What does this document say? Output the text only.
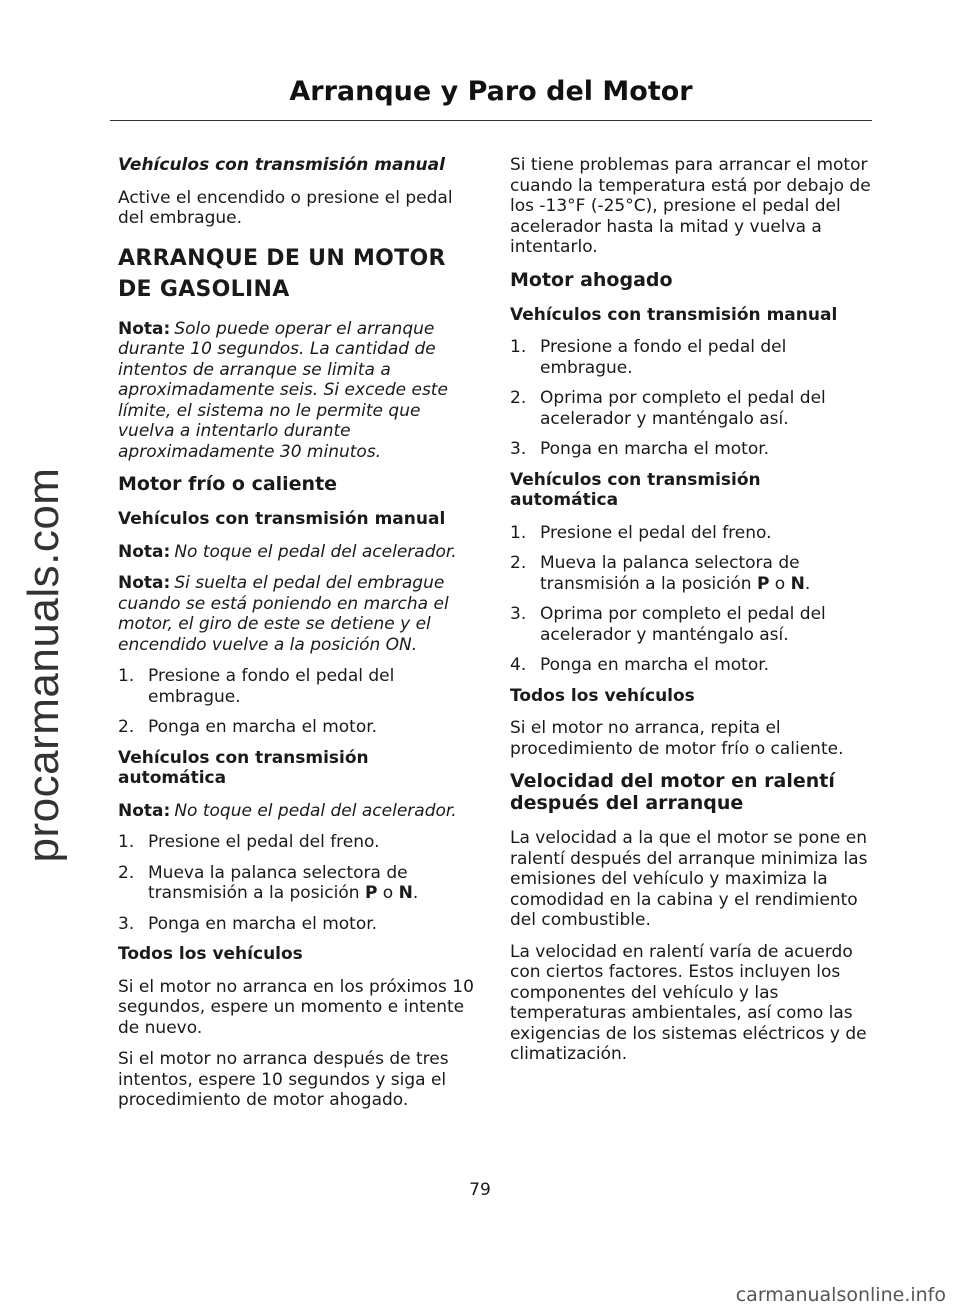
procarmanuals.com
Arranque y Paro del Motor

Vehículos con transmisión manual

Active el encendido o presione el pedal del embrague.

ARRANQUE DE UN MOTOR DE GASOLINA

Nota: Solo puede operar el arranque durante 10 segundos. La cantidad de intentos de arranque se limita a aproximadamente seis. Si excede este límite, el sistema no le permite que vuelva a intentarlo durante aproximadamente 30 minutos.

Motor frío o caliente

Vehículos con transmisión manual

Nota: No toque el pedal del acelerador.

Nota: Si suelta el pedal del embrague cuando se está poniendo en marcha el motor, el giro de este se detiene y el encendido vuelve a la posición ON.

1. Presione a fondo el pedal del embrague.
2. Ponga en marcha el motor.

Vehículos con transmisión automática

Nota: No toque el pedal del acelerador.

1. Presione el pedal del freno.
2. Mueva la palanca selectora de transmisión a la posición P o N.
3. Ponga en marcha el motor.

Todos los vehículos

Si el motor no arranca en los próximos 10 segundos, espere un momento e intente de nuevo.

Si el motor no arranca después de tres intentos, espere 10 segundos y siga el procedimiento de motor ahogado.

Si tiene problemas para arrancar el motor cuando la temperatura está por debajo de los -13°F (-25°C), presione el pedal del acelerador hasta la mitad y vuelva a intentarlo.

Motor ahogado

Vehículos con transmisión manual

1. Presione a fondo el pedal del embrague.
2. Oprima por completo el pedal del acelerador y manténgalo así.
3. Ponga en marcha el motor.

Vehículos con transmisión automática

1. Presione el pedal del freno.
2. Mueva la palanca selectora de transmisión a la posición P o N.
3. Oprima por completo el pedal del acelerador y manténgalo así.
4. Ponga en marcha el motor.

Todos los vehículos

Si el motor no arranca, repita el procedimiento de motor frío o caliente.

Velocidad del motor en ralentí después del arranque

La velocidad a la que el motor se pone en ralentí después del arranque minimiza las emisiones del vehículo y maximiza la comodidad en la cabina y el rendimiento del combustible.

La velocidad en ralentí varía de acuerdo con ciertos factores. Estos incluyen los componentes del vehículo y las temperaturas ambientales, así como las exigencias de los sistemas eléctricos y de climatización.

79
carmanualsonline.info
